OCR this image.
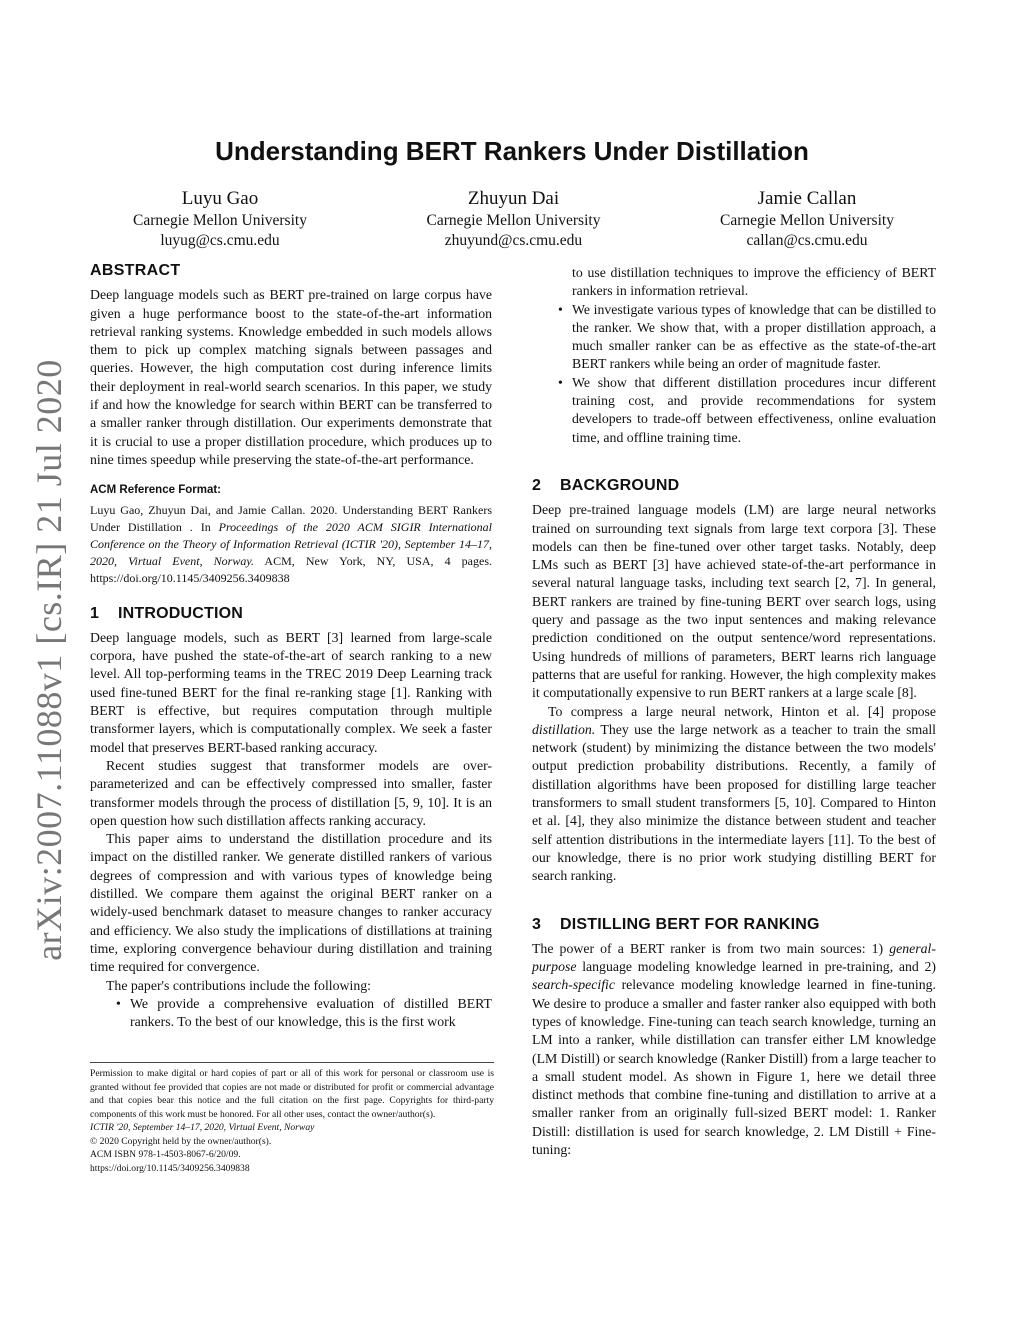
arXiv:2007.11088v1 [cs.IR] 21 Jul 2020
Understanding BERT Rankers Under Distillation
Luyu Gao
Carnegie Mellon University
luyug@cs.cmu.edu
Zhuyun Dai
Carnegie Mellon University
zhuyund@cs.cmu.edu
Jamie Callan
Carnegie Mellon University
callan@cs.cmu.edu
ABSTRACT

Deep language models such as BERT pre-trained on large corpus have given a huge performance boost to the state-of-the-art information retrieval ranking systems. Knowledge embedded in such models allows them to pick up complex matching signals between passages and queries. However, the high computation cost during inference limits their deployment in real-world search scenarios. In this paper, we study if and how the knowledge for search within BERT can be transferred to a smaller ranker through distillation. Our experiments demonstrate that it is crucial to use a proper distillation procedure, which produces up to nine times speedup while preserving the state-of-the-art performance.

ACM Reference Format:

Luyu Gao, Zhuyun Dai, and Jamie Callan. 2020. Understanding BERT Rankers Under Distillation . In Proceedings of the 2020 ACM SIGIR International Conference on the Theory of Information Retrieval (ICTIR '20), September 14–17, 2020, Virtual Event, Norway. ACM, New York, NY, USA, 4 pages. https://doi.org/10.1145/3409256.3409838

1 INTRODUCTION

Deep language models, such as BERT [3] learned from large-scale corpora, have pushed the state-of-the-art of search ranking to a new level. All top-performing teams in the TREC 2019 Deep Learning track used fine-tuned BERT for the final re-ranking stage [1]. Ranking with BERT is effective, but requires computation through multiple transformer layers, which is computationally complex. We seek a faster model that preserves BERT-based ranking accuracy.

Recent studies suggest that transformer models are over-parameterized and can be effectively compressed into smaller, faster transformer models through the process of distillation [5, 9, 10]. It is an open question how such distillation affects ranking accuracy.

This paper aims to understand the distillation procedure and its impact on the distilled ranker. We generate distilled rankers of various degrees of compression and with various types of knowledge being distilled. We compare them against the original BERT ranker on a widely-used benchmark dataset to measure changes to ranker accuracy and efficiency. We also study the implications of distillations at training time, exploring convergence behaviour during distillation and training time required for convergence.

The paper's contributions include the following:

• We provide a comprehensive evaluation of distilled BERT rankers. To the best of our knowledge, this is the first work

Permission to make digital or hard copies of part or all of this work for personal or classroom use is granted without fee provided that copies are not made or distributed for profit or commercial advantage and that copies bear this notice and the full citation on the first page. Copyrights for third-party components of this work must be honored. For all other uses, contact the owner/author(s).

ICTIR '20, September 14–17, 2020, Virtual Event, Norway

© 2020 Copyright held by the owner/author(s).

ACM ISBN 978-1-4503-8067-6/20/09.

https://doi.org/10.1145/3409256.3409838

to use distillation techniques to improve the efficiency of BERT rankers in information retrieval.
• We investigate various types of knowledge that can be distilled to the ranker. We show that, with a proper distillation approach, a much smaller ranker can be as effective as the state-of-the-art BERT rankers while being an order of magnitude faster.
• We show that different distillation procedures incur different training cost, and provide recommendations for system developers to trade-off between effectiveness, online evaluation time, and offline training time.
2 BACKGROUND

Deep pre-trained language models (LM) are large neural networks trained on surrounding text signals from large text corpora [3]. These models can then be fine-tuned over other target tasks. Notably, deep LMs such as BERT [3] have achieved state-of-the-art performance in several natural language tasks, including text search [2, 7]. In general, BERT rankers are trained by fine-tuning BERT over search logs, using query and passage as the two input sentences and making relevance prediction conditioned on the output sentence/word representations. Using hundreds of millions of parameters, BERT learns rich language patterns that are useful for ranking. However, the high complexity makes it computationally expensive to run BERT rankers at a large scale [8].

To compress a large neural network, Hinton et al. [4] propose distillation. They use the large network as a teacher to train the small network (student) by minimizing the distance between the two models' output prediction probability distributions. Recently, a family of distillation algorithms have been proposed for distilling large teacher transformers to small student transformers [5, 10]. Compared to Hinton et al. [4], they also minimize the distance between student and teacher self attention distributions in the intermediate layers [11]. To the best of our knowledge, there is no prior work studying distilling BERT for search ranking.

3 DISTILLING BERT FOR RANKING

The power of a BERT ranker is from two main sources: 1) general-purpose language modeling knowledge learned in pre-training, and 2) search-specific relevance modeling knowledge learned in fine-tuning. We desire to produce a smaller and faster ranker also equipped with both types of knowledge. Fine-tuning can teach search knowledge, turning an LM into a ranker, while distillation can transfer either LM knowledge (LM Distill) or search knowledge (Ranker Distill) from a large teacher to a small student model. As shown in Figure 1, here we detail three distinct methods that combine fine-tuning and distillation to arrive at a smaller ranker from an originally full-sized BERT model: 1. Ranker Distill: distillation is used for search knowledge, 2. LM Distill + Fine-tuning:
